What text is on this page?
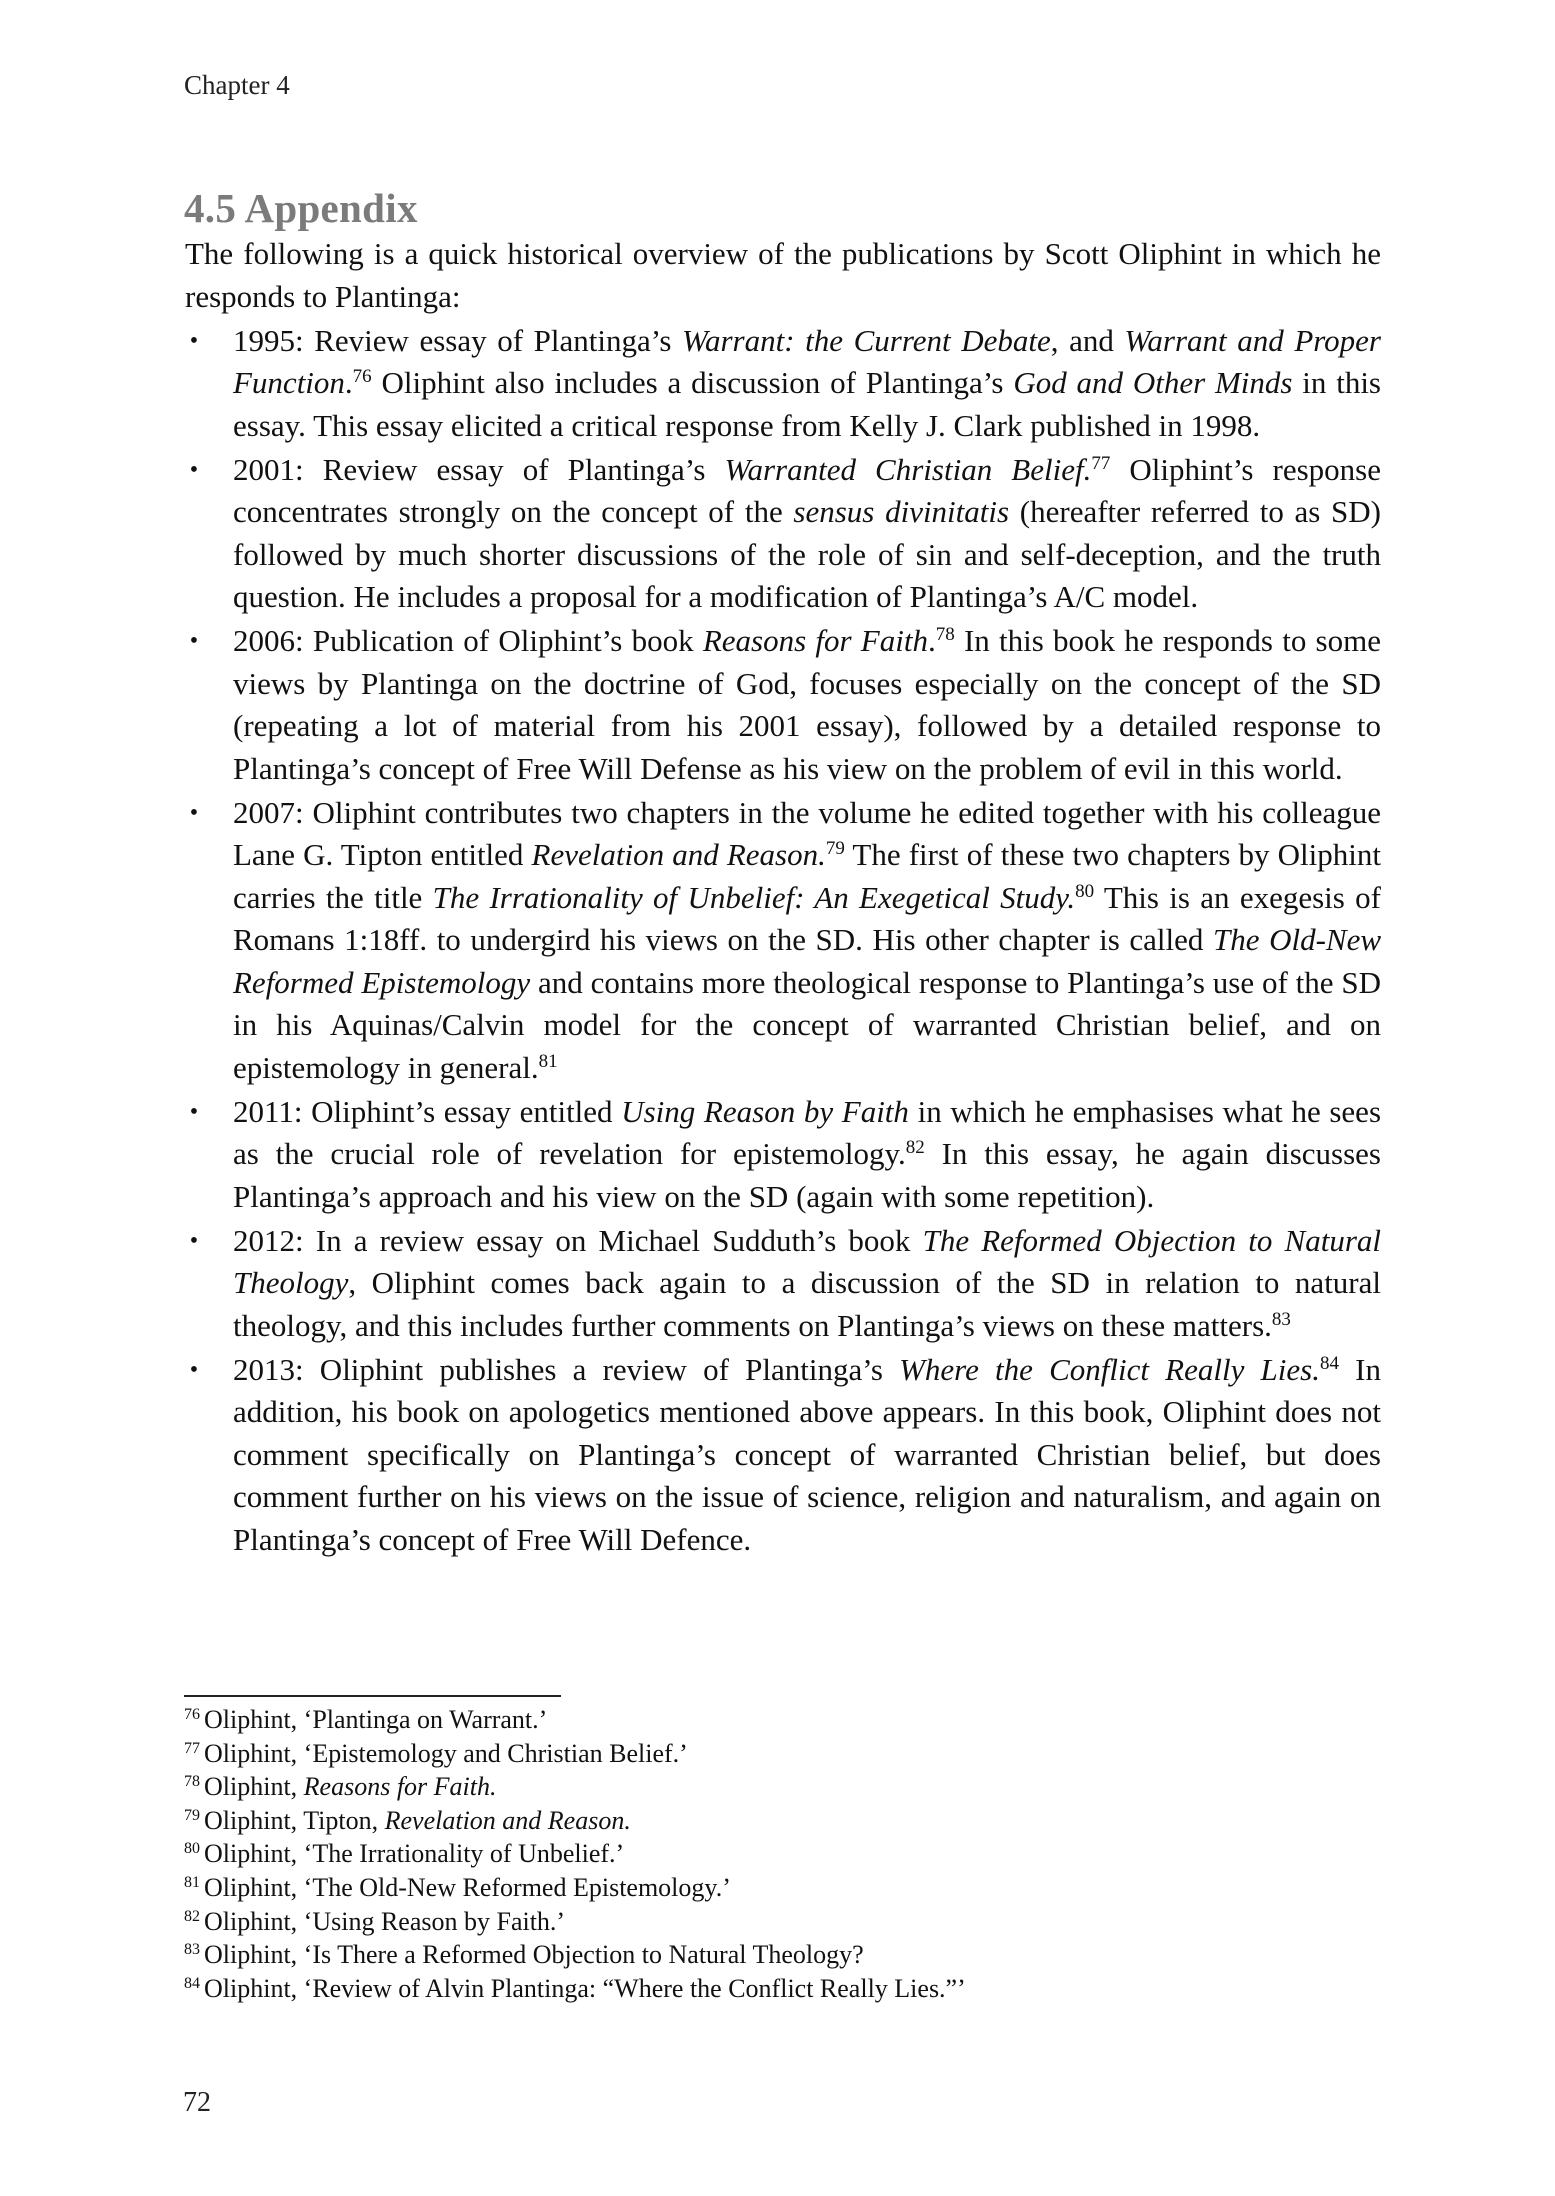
Chapter 4
4.5 Appendix

The following is a quick historical overview of the publications by Scott Oliphint in which he responds to Plantinga:

• 1995: Review essay of Plantinga’s Warrant: the Current Debate, and Warrant and Proper Function.$^{76}$ Oliphint also includes a discussion of Plantinga’s God and Other Minds in this essay. This essay elicited a critical response from Kelly J. Clark published in 1998.
• 2001: Review essay of Plantinga’s Warranted Christian Belief.$^{77}$ Oliphint’s response concentrates strongly on the concept of the sensus divinitatis (hereafter referred to as SD) followed by much shorter discussions of the role of sin and self-deception, and the truth question. He includes a proposal for a modification of Plantinga’s A/C model.
• 2006: Publication of Oliphint’s book Reasons for Faith.$^{78}$ In this book he responds to some views by Plantinga on the doctrine of God, focuses especially on the concept of the SD (repeating a lot of material from his 2001 essay), followed by a detailed response to Plantinga’s concept of Free Will Defense as his view on the problem of evil in this world.
• 2007: Oliphint contributes two chapters in the volume he edited together with his colleague Lane G. Tipton entitled Revelation and Reason.$^{79}$ The first of these two chapters by Oliphint carries the title The Irrationality of Unbelief: An Exegetical Study.$^{80}$ This is an exegesis of Romans 1:18ff. to undergird his views on the SD. His other chapter is called The Old-New Reformed Epistemology and contains more theological response to Plantinga’s use of the SD in his Aquinas/Calvin model for the concept of warranted Christian belief, and on epistemology in general.$^{81}$
• 2011: Oliphint’s essay entitled Using Reason by Faith in which he emphasises what he sees as the crucial role of revelation for epistemology.$^{82}$ In this essay, he again discusses Plantinga’s approach and his view on the SD (again with some repetition).
• 2012: In a review essay on Michael Sudduth’s book The Reformed Objection to Natural Theology, Oliphint comes back again to a discussion of the SD in relation to natural theology, and this includes further comments on Plantinga’s views on these matters.$^{83}$
• 2013: Oliphint publishes a review of Plantinga’s Where the Conflict Really Lies.$^{84}$ In addition, his book on apologetics mentioned above appears. In this book, Oliphint does not comment specifically on Plantinga’s concept of warranted Christian belief, but does comment further on his views on the issue of science, religion and naturalism, and again on Plantinga’s concept of Free Will Defence.
$^{76}$ Oliphint, ‘Plantinga on Warrant.’
$^{77}$ Oliphint, ‘Epistemology and Christian Belief.’
$^{78}$ Oliphint, Reasons for Faith.
$^{79}$ Oliphint, Tipton, Revelation and Reason.
$^{80}$ Oliphint, ‘The Irrationality of Unbelief.’
$^{81}$ Oliphint, ‘The Old-New Reformed Epistemology.’
$^{82}$ Oliphint, ‘Using Reason by Faith.’
$^{83}$ Oliphint, ‘Is There a Reformed Objection to Natural Theology?
$^{84}$ Oliphint, ‘Review of Alvin Plantinga: “Where the Conflict Really Lies.”’
72
